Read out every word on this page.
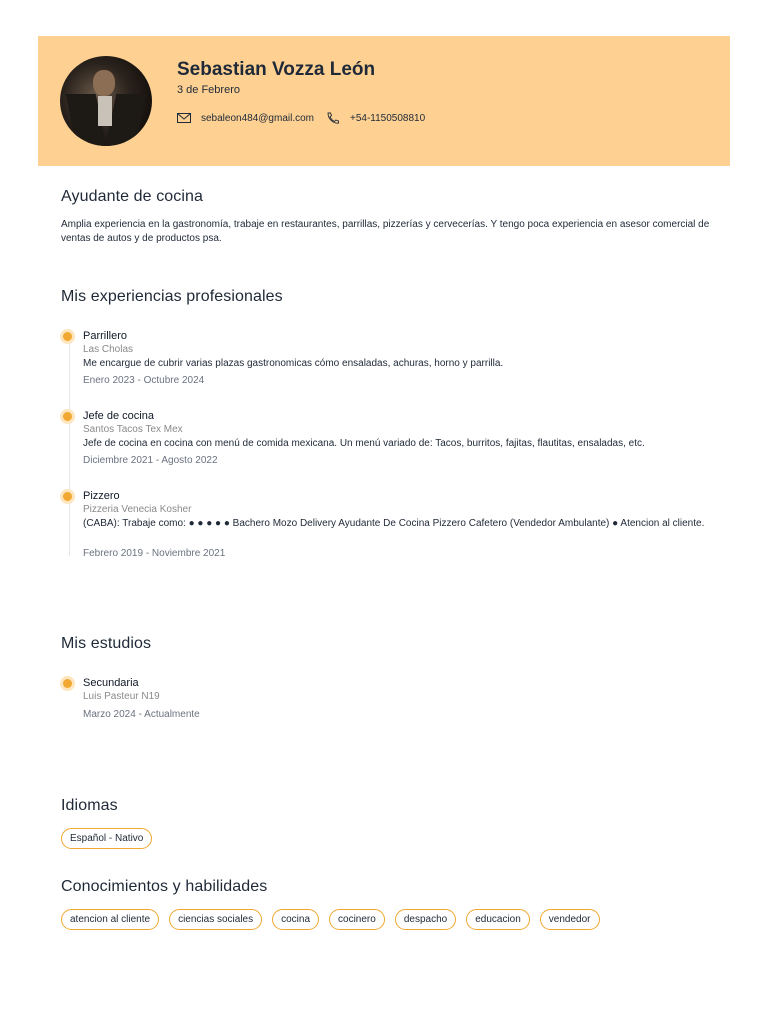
Sebastian Vozza León
3 de Febrero
sebaleon484@gmail.com	+54-1150508810
Ayudante de cocina
Amplia experiencia en la gastronomía, trabaje en restaurantes, parrillas, pizzerías y cervecerías. Y tengo poca experiencia en asesor comercial de ventas de autos y de productos psa.
Mis experiencias profesionales
Parrillero
Las Cholas
Me encargue de cubrir varias plazas gastronomicas cómo ensaladas, achuras, horno y parrilla.
Enero 2023 - Octubre 2024
Jefe de cocina
Santos Tacos Tex Mex
Jefe de cocina en cocina con menú de comida mexicana. Un menú variado de: Tacos, burritos, fajitas, flautitas, ensaladas, etc.
Diciembre 2021 - Agosto 2022
Pizzero
Pizzeria Venecia Kosher
(CABA): Trabaje como: ● ● ● ● ● Bachero Mozo Delivery Ayudante De Cocina Pizzero Cafetero (Vendedor Ambulante) ● Atencion al cliente.
Febrero 2019 - Noviembre 2021
Mis estudios
Secundaria
Luis Pasteur N19
Marzo 2024 - Actualmente
Idiomas
Español - Nativo
Conocimientos y habilidades
atencion al cliente	ciencias sociales	cocina	cocinero	despacho	educacion	vendedor
